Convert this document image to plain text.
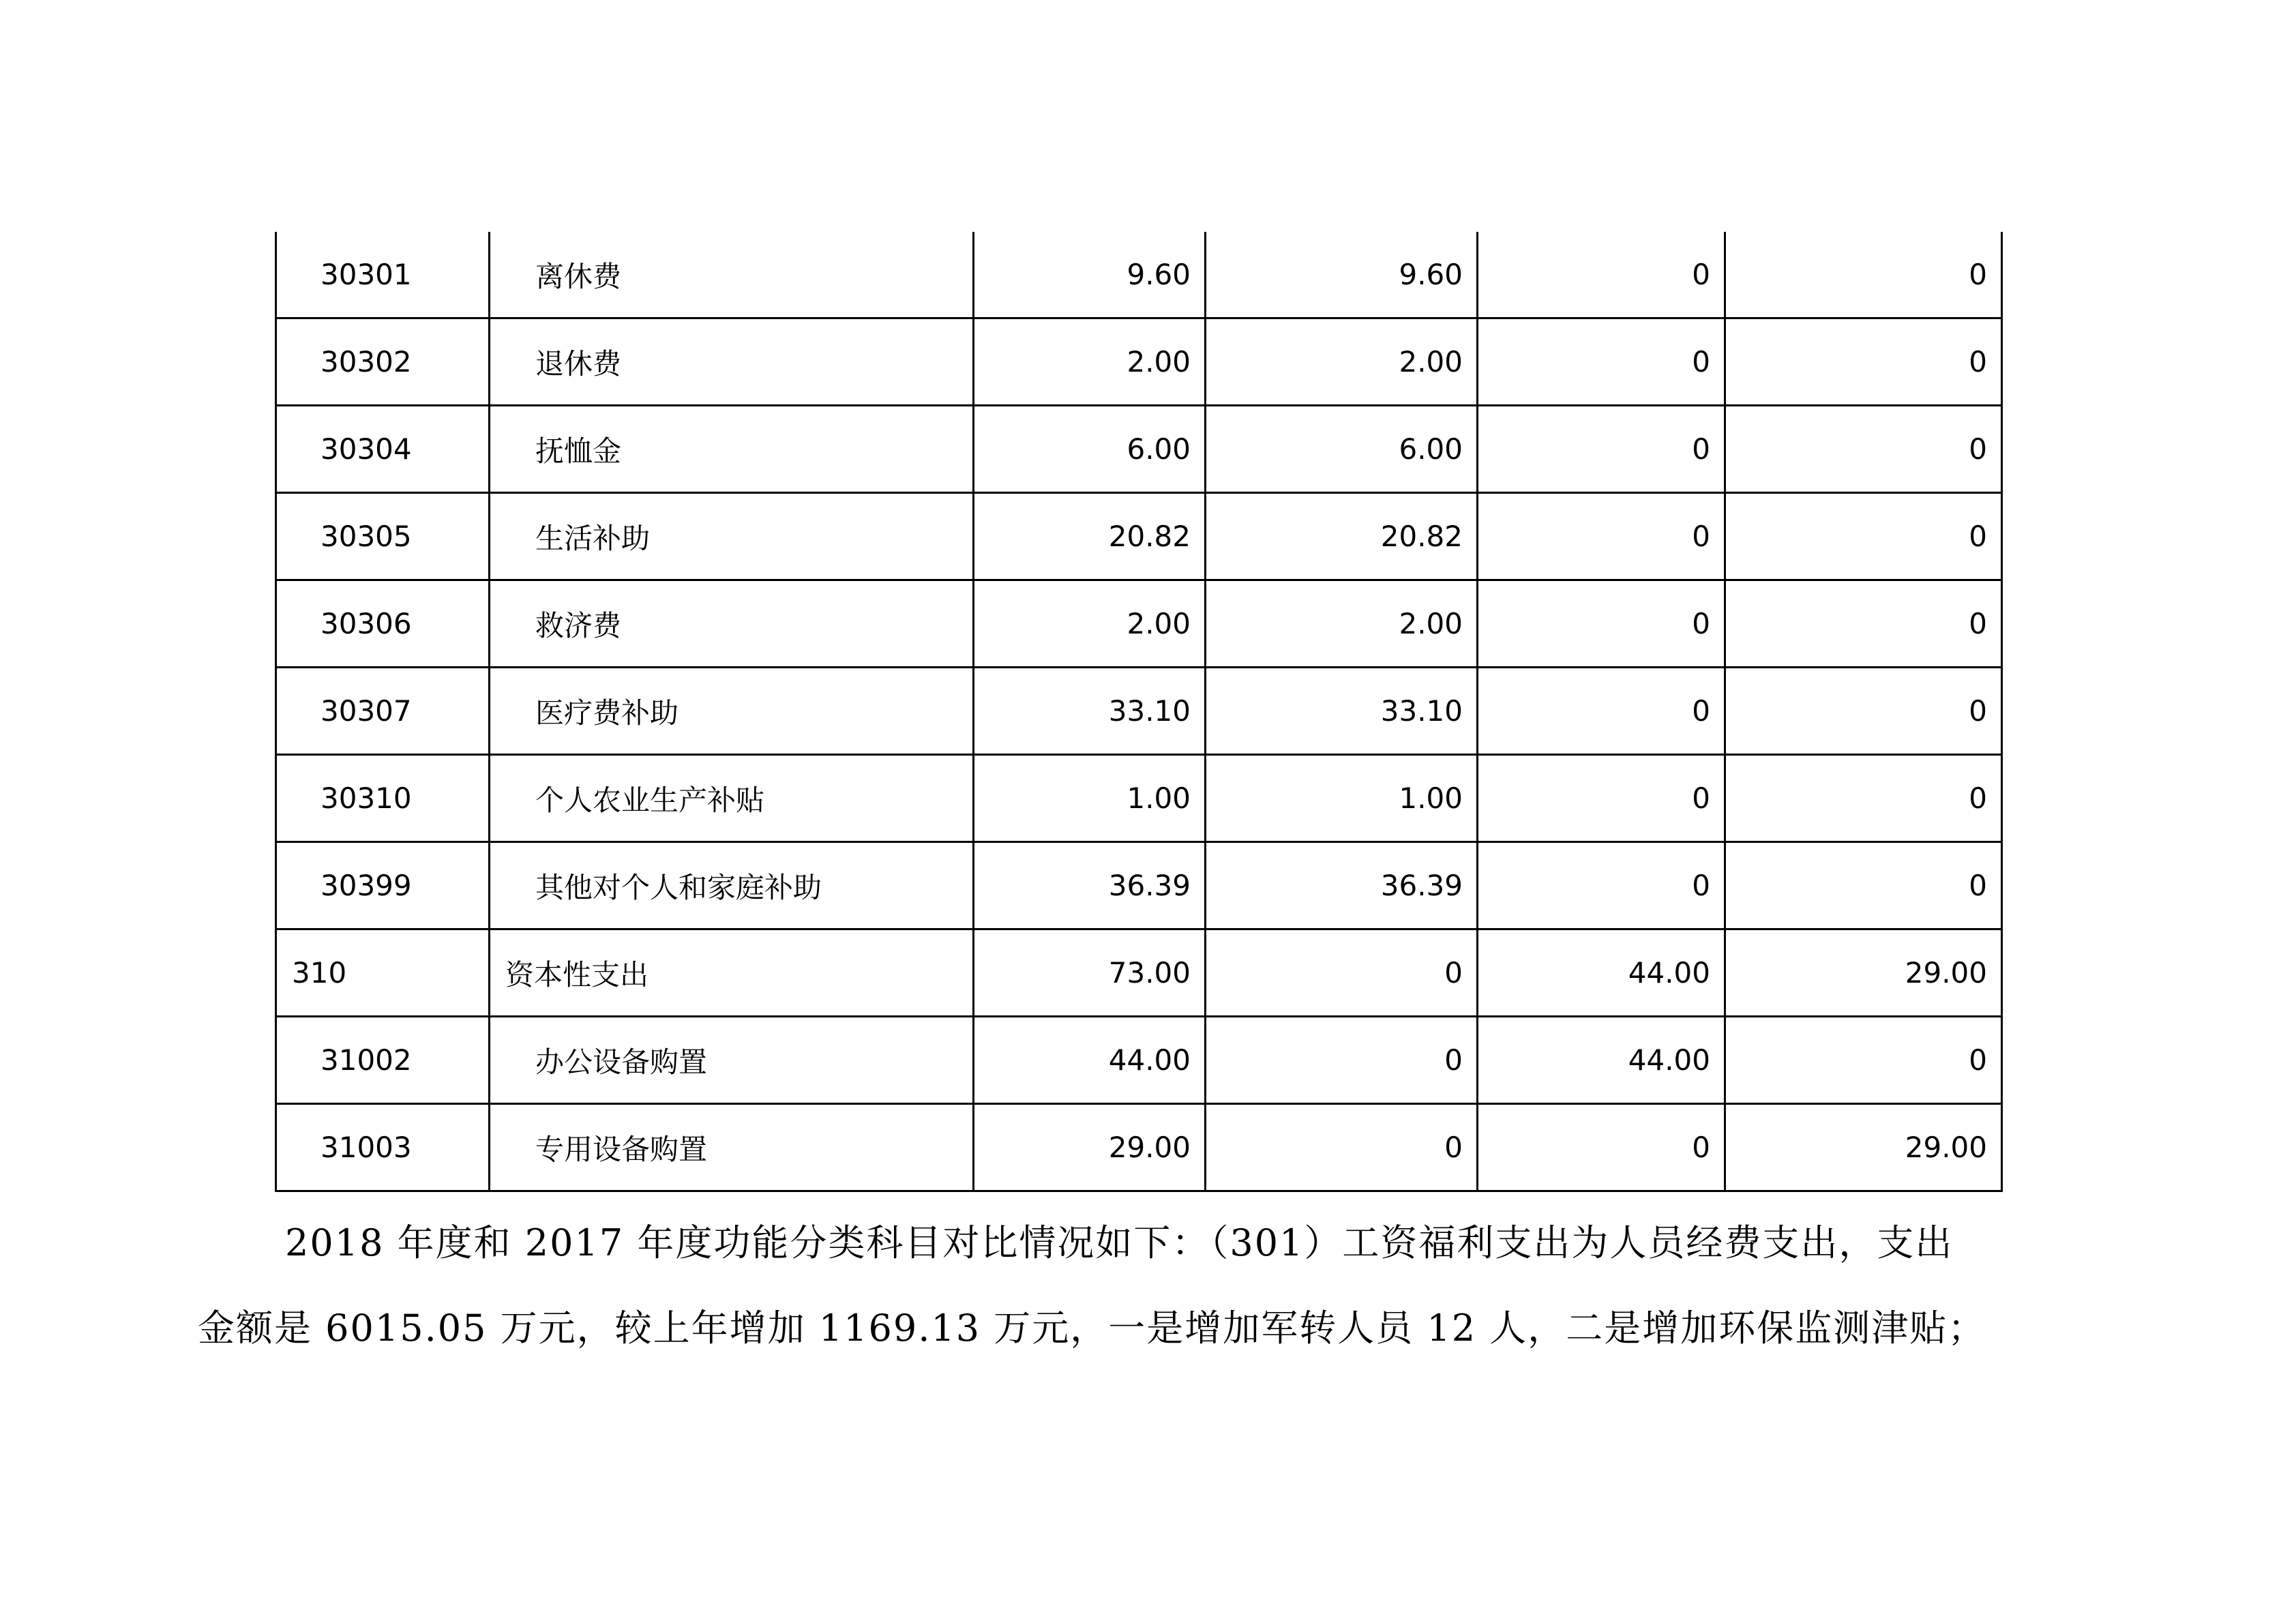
30301	离休费	9.60	9.60	0	0
30302	退休费	2.00	2.00	0	0
30304	抚恤金	6.00	6.00	0	0
30305	生活补助	20.82	20.82	0	0
30306	救济费	2.00	2.00	0	0
30307	医疗费补助	33.10	33.10	0	0
30310	个人农业生产补贴	1.00	1.00	0	0
30399	其他对个人和家庭补助	36.39	36.39	0	0
310	资本性支出	73.00	0	44.00	29.00
31002	办公设备购置	44.00	0	44.00	0
31003	专用设备购置	29.00	0	0	29.00
2018 年度和 2017 年度功能分类科目对比情况如下：（301）工资福利支出为人员经费支出，支出
金额是 6015.05 万元，较上年增加 1169.13 万元，一是增加军转人员 12 人，二是增加环保监测津贴；
